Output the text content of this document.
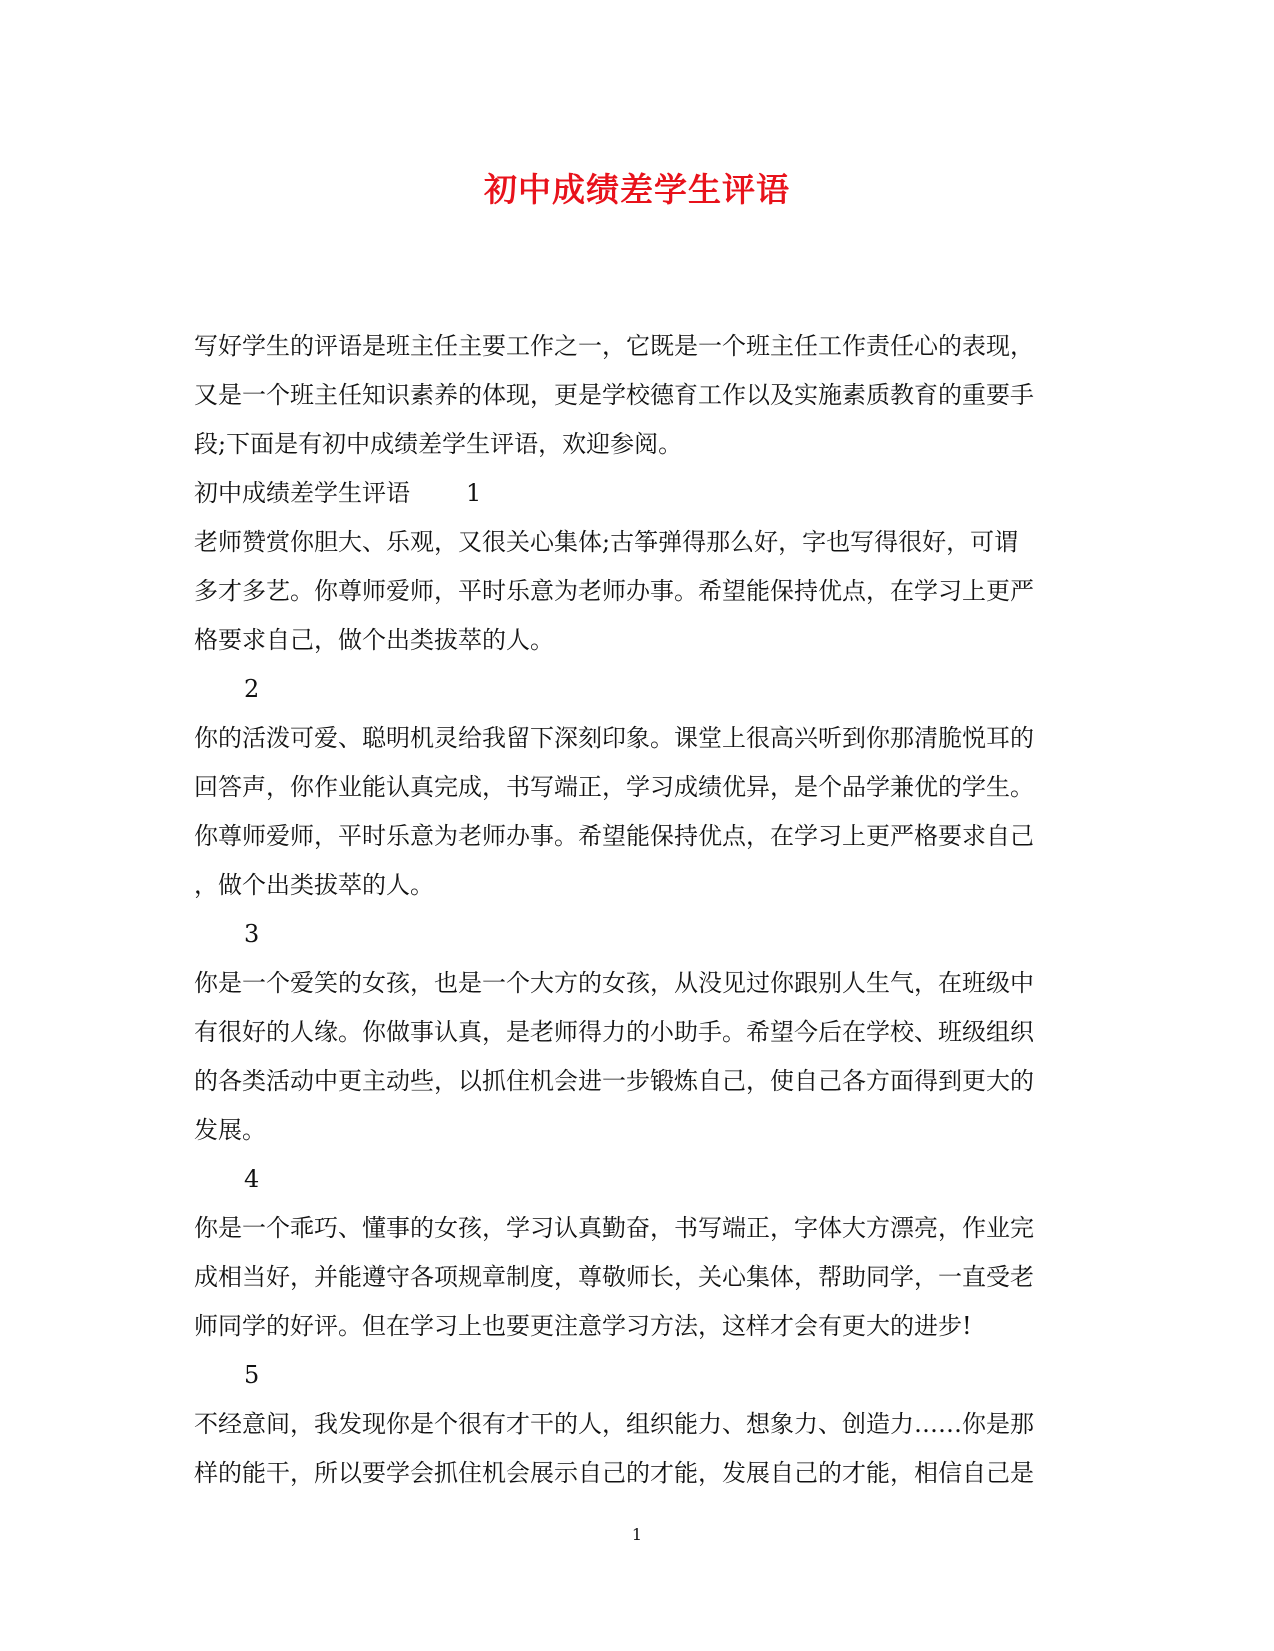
初中成绩差学生评语
写好学生的评语是班主任主要工作之一，它既是一个班主任工作责任心的表现，
又是一个班主任知识素养的体现，更是学校德育工作以及实施素质教育的重要手
段;下面是有初中成绩差学生评语，欢迎参阅。
初中成绩差学生评语 1
老师赞赏你胆大、乐观，又很关心集体;古筝弹得那么好，字也写得很好，可谓
多才多艺。你尊师爱师，平时乐意为老师办事。希望能保持优点，在学习上更严
格要求自己，做个出类拔萃的人。
2
你的活泼可爱、聪明机灵给我留下深刻印象。课堂上很高兴听到你那清脆悦耳的
回答声，你作业能认真完成，书写端正，学习成绩优异，是个品学兼优的学生。
你尊师爱师，平时乐意为老师办事。希望能保持优点，在学习上更严格要求自己
，做个出类拔萃的人。
3
你是一个爱笑的女孩，也是一个大方的女孩，从没见过你跟别人生气，在班级中
有很好的人缘。你做事认真，是老师得力的小助手。希望今后在学校、班级组织
的各类活动中更主动些，以抓住机会进一步锻炼自己，使自己各方面得到更大的
发展。
4
你是一个乖巧、懂事的女孩，学习认真勤奋，书写端正，字体大方漂亮，作业完
成相当好，并能遵守各项规章制度，尊敬师长，关心集体，帮助同学，一直受老
师同学的好评。但在学习上也要更注意学习方法，这样才会有更大的进步!
5
不经意间，我发现你是个很有才干的人，组织能力、想象力、创造力……你是那
样的能干，所以要学会抓住机会展示自己的才能，发展自己的才能，相信自己是
1
